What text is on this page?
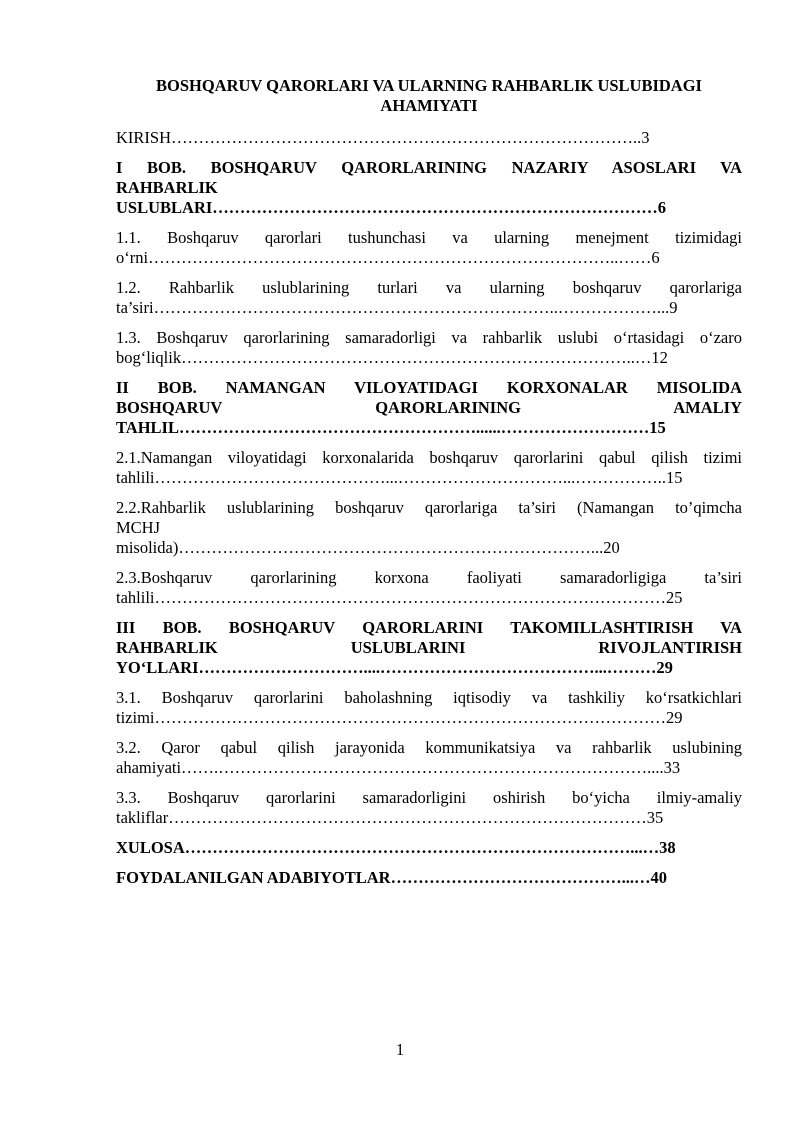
BOSHQARUV QARORLARI VA ULARNING RAHBARLIK USLUBIDAGI AHAMIYATI
KIRISH…………………………………………………………………………..3
I BOB. BOSHQARUV QARORLARINING NAZARIY ASOSLARI VA
RAHBARLIK
USLUBLARI………………………………………………………………………6
1.1. Boshqaruv qarorlari tushunchasi va ularning menejment tizimidagi
o‘rni…………………………………………………………………………..……6
1.2. Rahbarlik uslublarining turlari va ularning boshqaruv qarorlariga
ta’siri………………………………………………………………..………………...9
1.3. Boshqaruv qarorlarining samaradorligi va rahbarlik uslubi o‘rtasidagi o‘zaro
bog‘liqlik………………………………………………………………………..…12
II BOB. NAMANGAN VILOYATIDAGI KORXONALAR MISOLIDA
BOSHQARUV QARORLARINING AMALIY
TAHLIL………………………………………………......………………………15
2.1.Namangan viloyatidagi korxonalarida boshqaruv qarorlarini qabul qilish tizimi
tahlili……………………………………...…………………………...……………..15
2.2.Rahbarlik uslublarining boshqaruv qarorlariga ta’siri (Namangan to’qimcha
MCHJ
misolida)…………………………………………………………………...20
2.3.Boshqaruv qarorlarining korxona faoliyati samaradorligiga ta’siri
tahlili…………………………………………………………………………………25
III BOB. BOSHQARUV QARORLARINI TAKOMILLASHTIRISH VA
RAHBARLIK USLUBLARINI RIVOJLANTIRISH
YO‘LLARI…………………………....…………………………………...………29
3.1. Boshqaruv qarorlarini baholashning iqtisodiy va tashkiliy ko‘rsatkichlari
tizimi…………………………………………………………………………………29
3.2. Qaror qabul qilish jarayonida kommunikatsiya va rahbarlik uslubining
ahamiyati…….……………………………………………………………………....33
3.3. Boshqaruv qarorlarini samaradorligini oshirish bo‘yicha ilmiy-amaliy
takliflar……………………………………………………………………………35
XULOSA………………………………………………………………………...…38
FOYDALANILGAN ADABIYOTLAR……………………………………...…40
1
